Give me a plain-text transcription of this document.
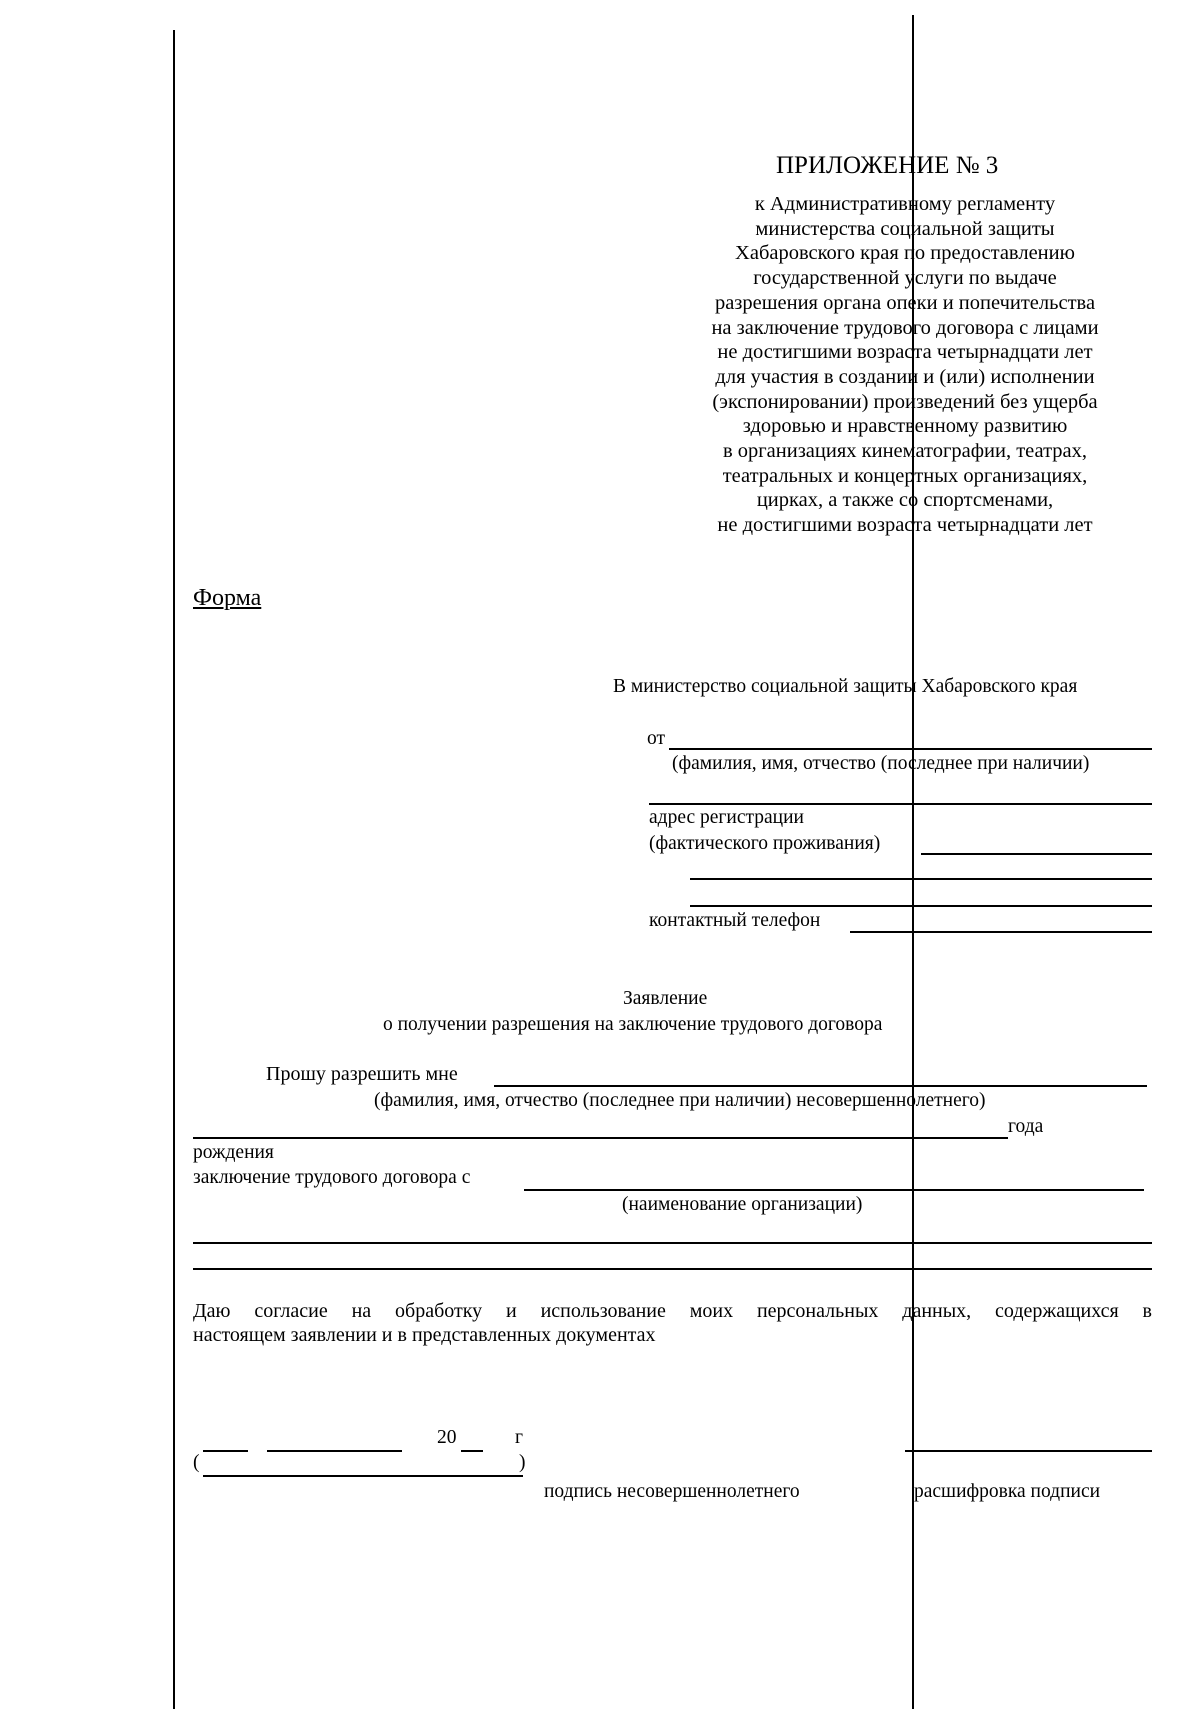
ПРИЛОЖЕНИЕ № 3
к Административному регламенту
министерства социальной защиты
Хабаровского края по предоставлению
государственной услуги по выдаче
разрешения органа опеки и попечительства
на заключение трудового договора с лицами
не достигшими возраста четырнадцати лет
для участия в создании и (или) исполнении
(экспонировании) произведений без ущерба
здоровью и нравственному развитию
в организациях кинематографии, театрах,
театральных и концертных организациях,
цирках, а также со спортсменами,
не достигшими возраста четырнадцати лет
Форма
В министерство социальной защиты Хабаровского края
от
(фамилия, имя, отчество (последнее при наличии)
адрес регистрации
(фактического проживания)
контактный телефон
Заявление
о получении разрешения на заключение трудового договора
Прошу разрешить мне
(фамилия, имя, отчество (последнее при наличии) несовершеннолетнего)
года
рождения
заключение трудового договора с
(наименование организации)
Даю согласие на обработку и использование моих персональных данных, содержащихся в
настоящем заявлении и в представленных документах
20	г
(	)
подпись несовершеннолетнего	расшифровка подписи
